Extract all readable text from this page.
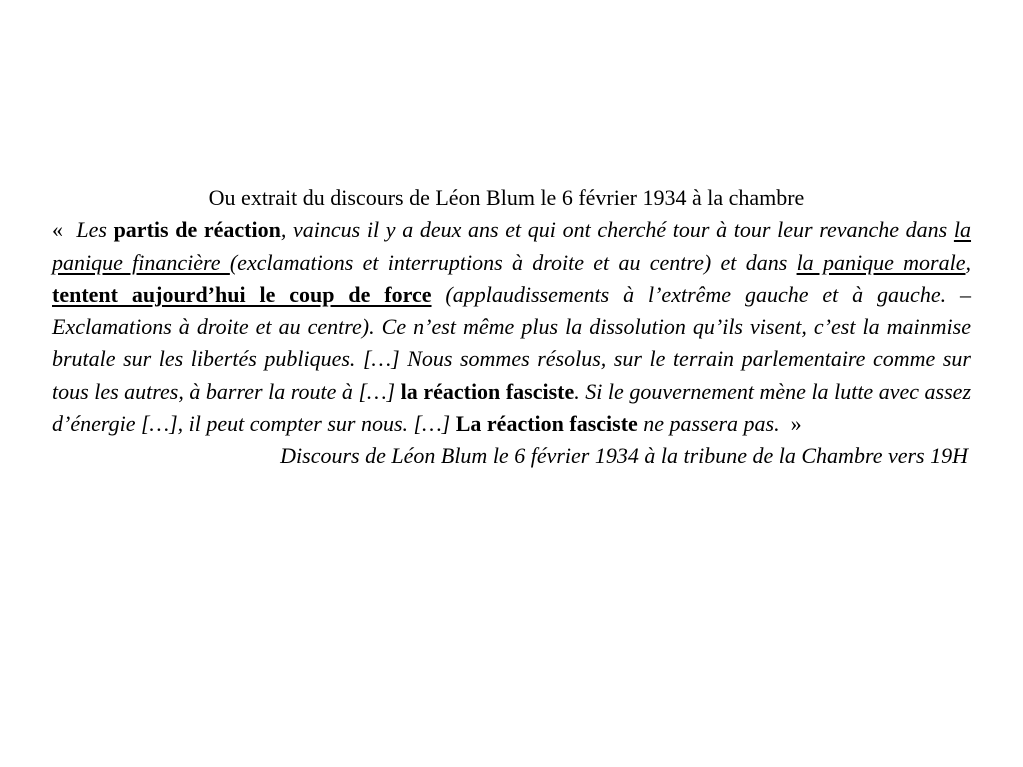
Ou extrait du discours de Léon Blum le 6 février 1934 à la chambre

« Les partis de réaction, vaincus il y a deux ans et qui ont cherché tour à tour leur revanche dans la panique financière (exclamations et interruptions à droite et au centre) et dans la panique morale, tentent aujourd’hui le coup de force (applaudissements à l’extrême gauche et à gauche. – Exclamations à droite et au centre). Ce n’est même plus la dissolution qu’ils visent, c’est la mainmise brutale sur les libertés publiques. […] Nous sommes résolus, sur le terrain parlementaire comme sur tous les autres, à barrer la route à […] la réaction fasciste. Si le gouvernement mène la lutte avec assez d’énergie […], il peut compter sur nous. […] La réaction fasciste ne passera pas. »

Discours de Léon Blum le 6 février 1934 à la tribune de la Chambre vers 19H
